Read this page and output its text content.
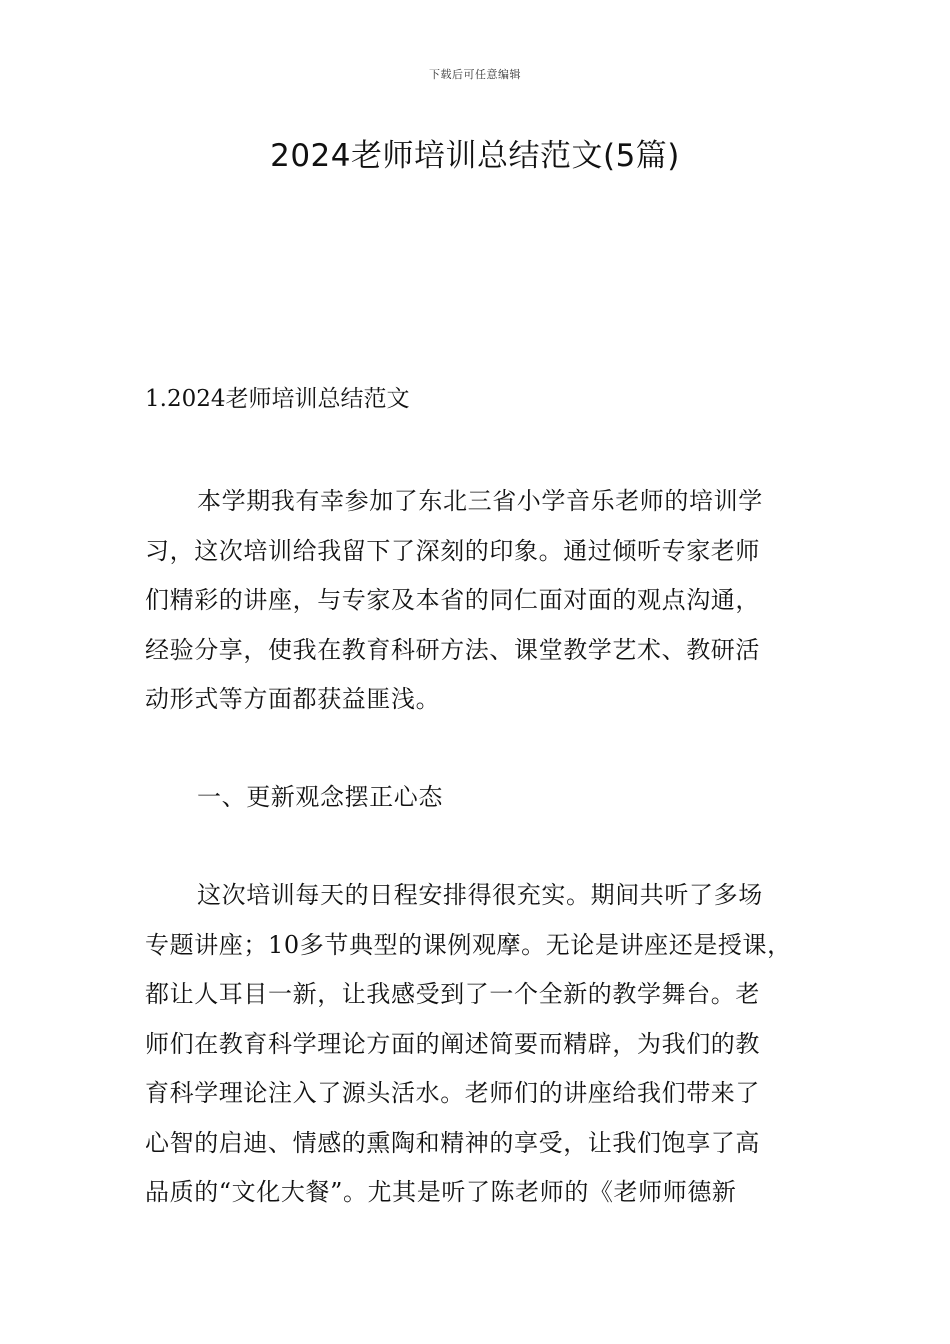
下载后可任意编辑
2024老师培训总结范文(5篇)
1.2024老师培训总结范文
本学期我有幸参加了东北三省小学音乐老师的培训学
习，这次培训给我留下了深刻的印象。通过倾听专家老师
们精彩的讲座，与专家及本省的同仁面对面的观点沟通，
经验分享，使我在教育科研方法、课堂教学艺术、教研活
动形式等方面都获益匪浅。
一、更新观念摆正心态
这次培训每天的日程安排得很充实。期间共听了多场
专题讲座；10多节典型的课例观摩。无论是讲座还是授课，
都让人耳目一新，让我感受到了一个全新的教学舞台。老
师们在教育科学理论方面的阐述简要而精辟，为我们的教
育科学理论注入了源头活水。老师们的讲座给我们带来了
心智的启迪、情感的熏陶和精神的享受，让我们饱享了高
品质的“文化大餐”。尤其是听了陈老师的《老师师德新
